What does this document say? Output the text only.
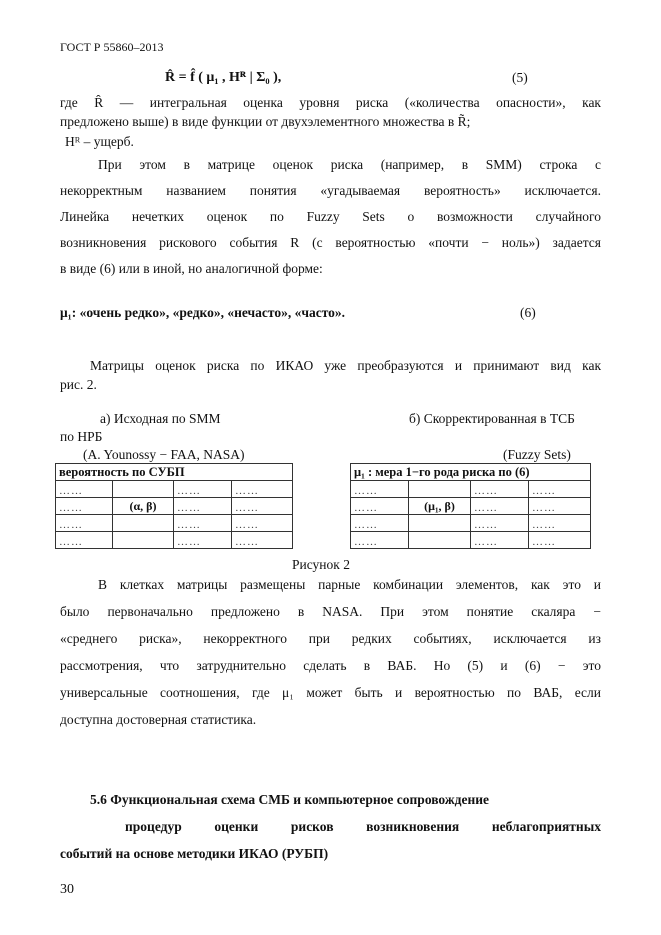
ГОСТ Р 55860–2013
R̂ = f̂ ( μ₁ , Hᴿ | Σ₀ ),	(5)
где R̂ — интегральная оценка уровня риска («количества опасности», как
предложено выше) в виде функции от двухэлементного множества в R̃;
Hᴿ – ущерб.
При этом в матрице оценок риска (например, в SMM) строка с
некорректным названием понятия «угадываемая вероятность» исключается.
Линейка нечетких оценок по Fuzzy Sets о возможности случайного
возникновения рискового события R (с вероятностью «почти − ноль») задается
в виде (6) или в иной, но аналогичной форме:
μ₁: «очень редко», «редко», «нечасто», «часто».	(6)
Матрицы оценок риска по ИКАО уже преобразуются и принимают вид как
рис. 2.
а) Исходная по SMM	б) Скорректированная в ТСБ
по НРБ
(A. Younossy − FAA, NASA)	(Fuzzy Sets)
вероятность по СУБП			
……		……	……
……	(α, β)	……	……
……		……	……
……		……	……
μ₁ : мера 1−го рода риска по (6)			
……		……	……
……	(μ₁, β)	……	……
……		……	……
……		……	……
Рисунок 2
В клетках матрицы размещены парные комбинации элементов, как это и
было первоначально предложено в NASA. При этом понятие скаляра −
«среднего риска», некорректного при редких событиях, исключается из
рассмотрения, что затруднительно сделать в ВАБ. Но (5) и (6) − это
универсальные соотношения, где μ₁ может быть и вероятностью по ВАБ, если
доступна достоверная статистика.
5.6 Функциональная схема СМБ и компьютерное сопровождение
процедур оценки рисков возникновения неблагоприятных
событий на основе методики ИКАО (РУБП)
30
